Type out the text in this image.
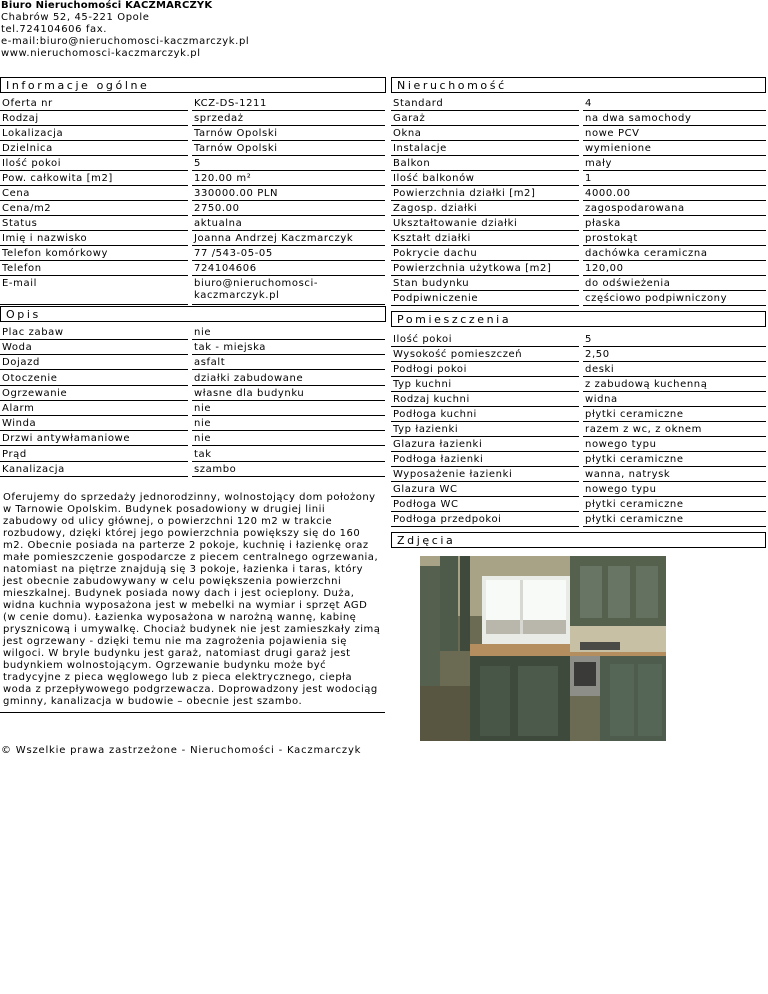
Biuro Nieruchomości KACZMARCZYK
Chabrów 52, 45-221 Opole
tel.724104606 fax.
e-mail:biuro@nieruchomosci-kaczmarczyk.pl
www.nieruchomosci-kaczmarczyk.pl
Informacje ogólne	Nieruchomość
Opis	Pomieszczenia
Zdjęcia
Oferta nr	KCZ-DS-1211
Rodzaj	sprzedaż
Lokalizacja	Tarnów Opolski
Dzielnica	Tarnów Opolski
Ilość pokoi	5
Pow. całkowita [m2]	120.00 m²
Cena	330000.00 PLN
Cena/m2	2750.00
Status	aktualna
Imię i nazwisko	Joanna Andrzej Kaczmarczyk
Telefon komórkowy	77 /543-05-05
Telefon	724104606
E-mail	biuro@nieruchomosci-kaczmarczyk.pl
Plac zabaw	nie
Woda	tak - miejska
Dojazd	asfalt
Otoczenie	działki zabudowane
Ogrzewanie	własne dla budynku
Alarm	nie
Winda	nie
Drzwi antywłamaniowe	nie
Prąd	tak
Kanalizacja	szambo
Standard	4
Garaż	na dwa samochody
Okna	nowe PCV
Instalacje	wymienione
Balkon	mały
Ilość balkonów	1
Powierzchnia działki [m2]	4000.00
Zagosp. działki	zagospodarowana
Ukształtowanie działki	płaska
Kształt działki	prostokąt
Pokrycie dachu	dachówka ceramiczna
Powierzchnia użytkowa [m2]	120,00
Stan budynku	do odświeżenia
Podpiwniczenie	częściowo podpiwniczony
Ilość pokoi	5
Wysokość pomieszczeń	2,50
Podłogi pokoi	deski
Typ kuchni	z zabudową kuchenną
Rodzaj kuchni	widna
Podłoga kuchni	płytki ceramiczne
Typ łazienki	razem z wc, z oknem
Glazura łazienki	nowego typu
Podłoga łazienki	płytki ceramiczne
Wyposażenie łazienki	wanna, natrysk
Glazura WC	nowego typu
Podłoga WC	płytki ceramiczne
Podłoga przedpokoi	płytki ceramiczne
Oferujemy do sprzedaży jednorodzinny, wolnostojący dom położony w Tarnowie Opolskim. Budynek posadowiony w drugiej linii zabudowy od ulicy głównej, o powierzchni 120 m2 w trakcie rozbudowy, dzięki której jego powierzchnia powiększy się do 160 m2. Obecnie posiada na parterze 2 pokoje, kuchnię i łazienkę oraz małe pomieszczenie gospodarcze z piecem centralnego ogrzewania, natomiast na piętrze znajdują się 3 pokoje, łazienka i taras, który jest obecnie zabudowywany w celu powiększenia powierzchni mieszkalnej. Budynek posiada nowy dach i jest ocieplony. Duża, widna kuchnia wyposażona jest w mebelki na wymiar i sprzęt AGD (w cenie domu). Łazienka wyposażona w narożną wannę, kabinę prysznicową i umywalkę. Chociaż budynek nie jest zamieszkały zimą jest ogrzewany - dzięki temu nie ma zagrożenia pojawienia się wilgoci. W bryle budynku jest garaż, natomiast drugi garaż jest budynkiem wolnostojącym. Ogrzewanie budynku może być tradycyjne z pieca węglowego lub z pieca elektrycznego, ciepła woda z przepływowego podgrzewacza. Doprowadzony jest wodociąg gminny, kanalizacja w budowie – obecnie jest szambo.
© Wszelkie prawa zastrzeżone - Nieruchomości - Kaczmarczyk
